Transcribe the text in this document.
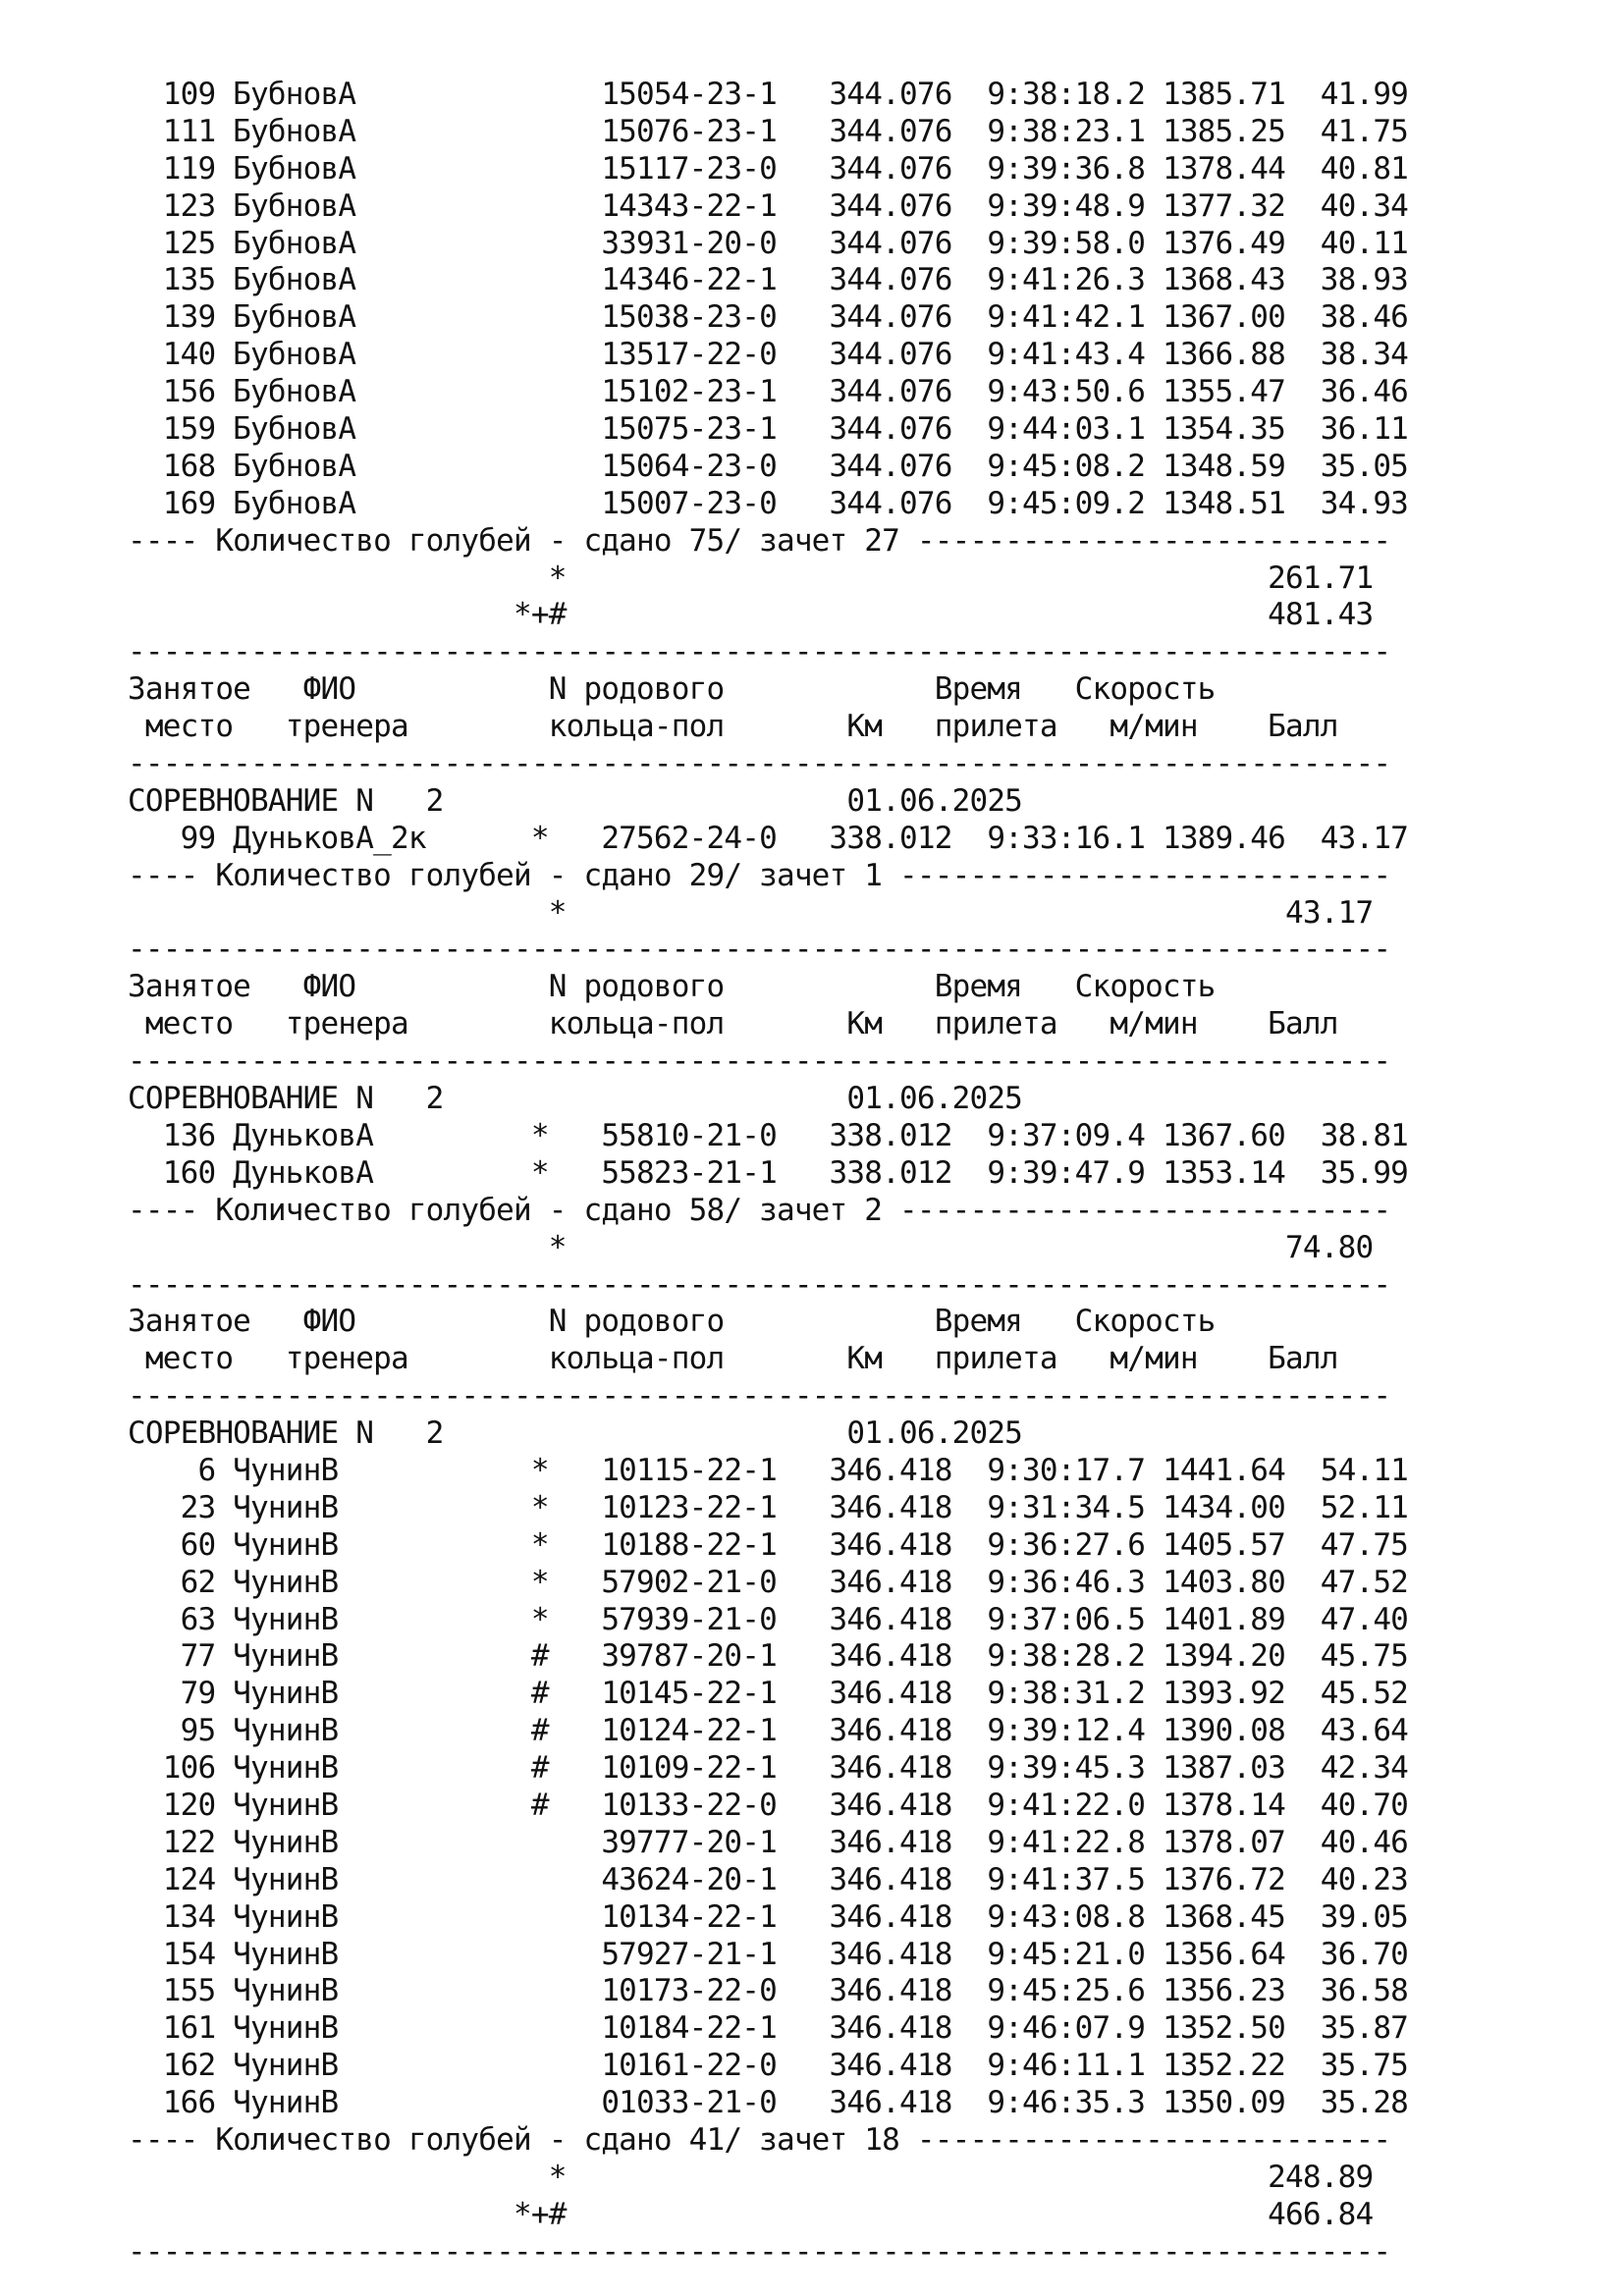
109 БубновА              15054-23-1   344.076  9:38:18.2 1385.71  41.99
111 БубновА              15076-23-1   344.076  9:38:23.1 1385.25  41.75
119 БубновА              15117-23-0   344.076  9:39:36.8 1378.44  40.81
123 БубновА              14343-22-1   344.076  9:39:48.9 1377.32  40.34
125 БубновА              33931-20-0   344.076  9:39:58.0 1376.49  40.11
135 БубновА              14346-22-1   344.076  9:41:26.3 1368.43  38.93
139 БубновА              15038-23-0   344.076  9:41:42.1 1367.00  38.46
140 БубновА              13517-22-0   344.076  9:41:43.4 1366.88  38.34
156 БубновА              15102-23-1   344.076  9:43:50.6 1355.47  36.46
159 БубновА              15075-23-1   344.076  9:44:03.1 1354.35  36.11
168 БубновА              15064-23-0   344.076  9:45:08.2 1348.59  35.05
169 БубновА              15007-23-0   344.076  9:45:09.2 1348.51  34.93
---- Количество голубей - сдано 75/ зачет 27 ---------------------------
*                                        261.71
*+#                                        481.43
------------------------------------------------------------------------
Занятое   ФИО           N родового            Время   Скорость
место   тренера        кольца-пол       Км   прилета   м/мин    Балл
------------------------------------------------------------------------
СОРЕВНОВАНИЕ N   2                       01.06.2025
99 ДуньковА_2к      *   27562-24-0   338.012  9:33:16.1 1389.46  43.17
---- Количество голубей - сдано 29/ зачет 1 ----------------------------
*                                         43.17
------------------------------------------------------------------------
Занятое   ФИО           N родового            Время   Скорость
место   тренера        кольца-пол       Км   прилета   м/мин    Балл
------------------------------------------------------------------------
СОРЕВНОВАНИЕ N   2                       01.06.2025
136 ДуньковА         *   55810-21-0   338.012  9:37:09.4 1367.60  38.81
160 ДуньковА         *   55823-21-1   338.012  9:39:47.9 1353.14  35.99
---- Количество голубей - сдано 58/ зачет 2 ----------------------------
*                                         74.80
------------------------------------------------------------------------
Занятое   ФИО           N родового            Время   Скорость
место   тренера        кольца-пол       Км   прилета   м/мин    Балл
------------------------------------------------------------------------
СОРЕВНОВАНИЕ N   2                       01.06.2025
6 ЧунинВ           *   10115-22-1   346.418  9:30:17.7 1441.64  54.11
23 ЧунинВ           *   10123-22-1   346.418  9:31:34.5 1434.00  52.11
60 ЧунинВ           *   10188-22-1   346.418  9:36:27.6 1405.57  47.75
62 ЧунинВ           *   57902-21-0   346.418  9:36:46.3 1403.80  47.52
63 ЧунинВ           *   57939-21-0   346.418  9:37:06.5 1401.89  47.40
77 ЧунинВ           #   39787-20-1   346.418  9:38:28.2 1394.20  45.75
79 ЧунинВ           #   10145-22-1   346.418  9:38:31.2 1393.92  45.52
95 ЧунинВ           #   10124-22-1   346.418  9:39:12.4 1390.08  43.64
106 ЧунинВ           #   10109-22-1   346.418  9:39:45.3 1387.03  42.34
120 ЧунинВ           #   10133-22-0   346.418  9:41:22.0 1378.14  40.70
122 ЧунинВ               39777-20-1   346.418  9:41:22.8 1378.07  40.46
124 ЧунинВ               43624-20-1   346.418  9:41:37.5 1376.72  40.23
134 ЧунинВ               10134-22-1   346.418  9:43:08.8 1368.45  39.05
154 ЧунинВ               57927-21-1   346.418  9:45:21.0 1356.64  36.70
155 ЧунинВ               10173-22-0   346.418  9:45:25.6 1356.23  36.58
161 ЧунинВ               10184-22-1   346.418  9:46:07.9 1352.50  35.87
162 ЧунинВ               10161-22-0   346.418  9:46:11.1 1352.22  35.75
166 ЧунинВ               01033-21-0   346.418  9:46:35.3 1350.09  35.28
---- Количество голубей - сдано 41/ зачет 18 ---------------------------
*                                        248.89
*+#                                        466.84
------------------------------------------------------------------------
